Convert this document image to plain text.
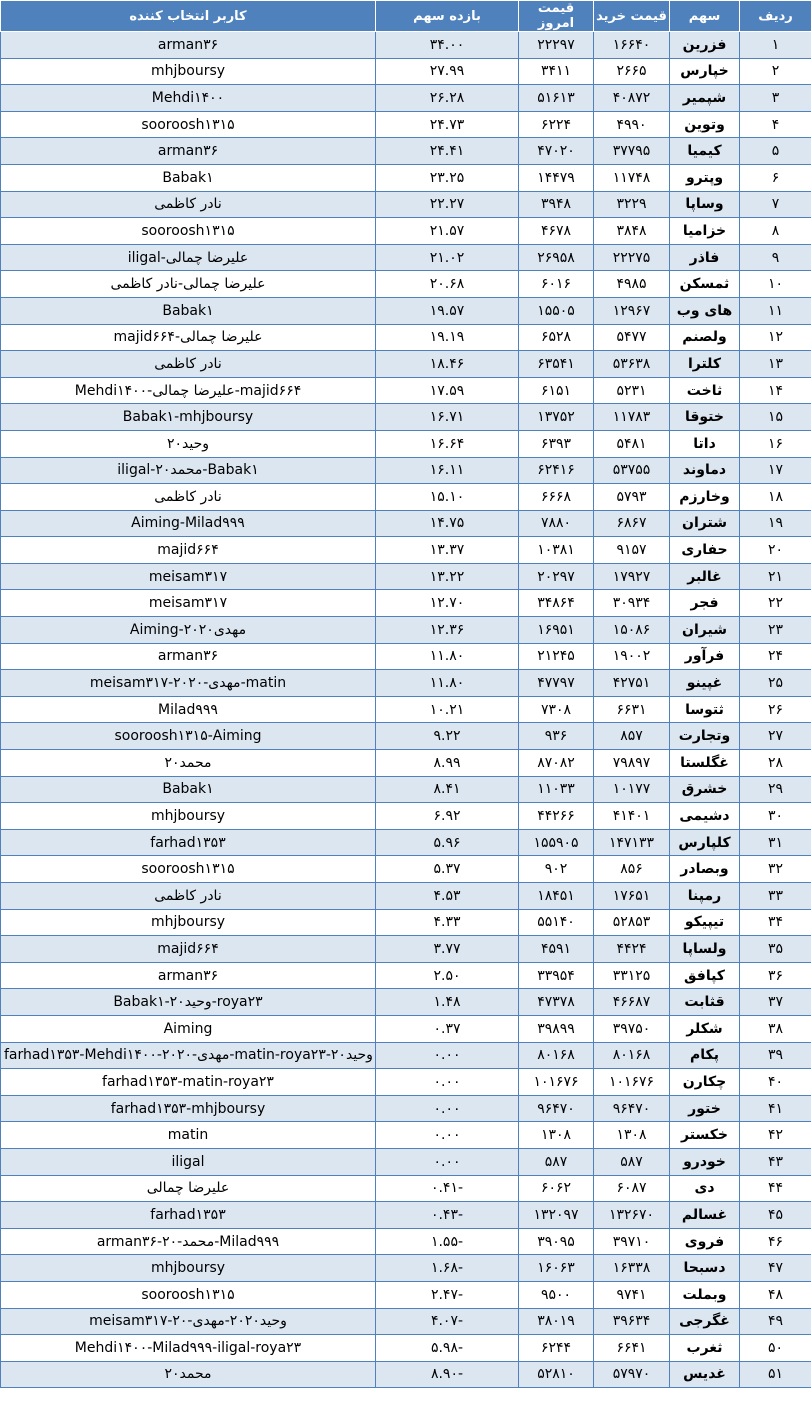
ردیف	سهم	قیمت خرید	قیمت امروز	بازده سهم	کاربر انتخاب کننده
۱	فزرین	۱۶۶۴۰	۲۲۲۹۷	۳۴.۰۰	arman۳۶
۲	خپارس	۲۶۶۵	۳۴۱۱	۲۷.۹۹	mhjboursy
۳	شپمیر	۴۰۸۷۲	۵۱۶۱۳	۲۶.۲۸	Mehdi۱۴۰۰
۴	وتوین	۴۹۹۰	۶۲۲۴	۲۴.۷۳	sooroosh۱۳۱۵
۵	کیمیا	۳۷۷۹۵	۴۷۰۲۰	۲۴.۴۱	arman۳۶
۶	وپترو	۱۱۷۴۸	۱۴۴۷۹	۲۳.۲۵	Babak۱
۷	وساپا	۳۲۲۹	۳۹۴۸	۲۲.۲۷	نادر کاظمی
۸	خزامیا	۳۸۴۸	۴۶۷۸	۲۱.۵۷	sooroosh۱۳۱۵
۹	فاذر	۲۲۲۷۵	۲۶۹۵۸	۲۱.۰۲	iligal-علیرضا چمالی
۱۰	ثمسکن	۴۹۸۵	۶۰۱۶	۲۰.۶۸	علیرضا چمالی-نادر کاظمی
۱۱	های وب	۱۲۹۶۷	۱۵۵۰۵	۱۹.۵۷	Babak۱
۱۲	ولصنم	۵۴۷۷	۶۵۲۸	۱۹.۱۹	majid۶۶۴-علیرضا چمالی
۱۳	کلترا	۵۳۶۳۸	۶۳۵۴۱	۱۸.۴۶	نادر کاظمی
۱۴	ثاخت	۵۲۳۱	۶۱۵۱	۱۷.۵۹	Mehdi۱۴۰۰-علیرضا چمالی-majid۶۶۴
۱۵	ختوقا	۱۱۷۸۳	۱۳۷۵۲	۱۶.۷۱	Babak۱-mhjboursy
۱۶	داتا	۵۴۸۱	۶۳۹۳	۱۶.۶۴	وحید۲۰
۱۷	دماوند	۵۳۷۵۵	۶۲۴۱۶	۱۶.۱۱	iligal-محمد۲۰-Babak۱
۱۸	وخارزم	۵۷۹۳	۶۶۶۸	۱۵.۱۰	نادر کاظمی
۱۹	شتران	۶۸۶۷	۷۸۸۰	۱۴.۷۵	Aiming-Milad۹۹۹
۲۰	حفاری	۹۱۵۷	۱۰۳۸۱	۱۳.۳۷	majid۶۶۴
۲۱	غالبر	۱۷۹۲۷	۲۰۲۹۷	۱۳.۲۲	meisam۳۱۷
۲۲	فجر	۳۰۹۳۴	۳۴۸۶۴	۱۲.۷۰	meisam۳۱۷
۲۳	شیران	۱۵۰۸۶	۱۶۹۵۱	۱۲.۳۶	Aiming-مهدی۲۰۲۰
۲۴	فرآور	۱۹۰۰۲	۲۱۲۴۵	۱۱.۸۰	arman۳۶
۲۵	غپینو	۴۲۷۵۱	۴۷۷۹۷	۱۱.۸۰	meisam۳۱۷-۲۰۲۰-مهدی-matin
۲۶	ثتوسا	۶۶۳۱	۷۳۰۸	۱۰.۲۱	Milad۹۹۹
۲۷	وتجارت	۸۵۷	۹۳۶	۹.۲۲	sooroosh۱۳۱۵-Aiming
۲۸	غگلستا	۷۹۸۹۷	۸۷۰۸۲	۸.۹۹	محمد۲۰
۲۹	خشرق	۱۰۱۷۷	۱۱۰۳۳	۸.۴۱	Babak۱
۳۰	دشیمی	۴۱۴۰۱	۴۴۲۶۶	۶.۹۲	mhjboursy
۳۱	کلپارس	۱۴۷۱۳۳	۱۵۵۹۰۵	۵.۹۶	farhad۱۳۵۳
۳۲	وبصادر	۸۵۶	۹۰۲	۵.۳۷	sooroosh۱۳۱۵
۳۳	رمپنا	۱۷۶۵۱	۱۸۴۵۱	۴.۵۳	نادر کاظمی
۳۴	تیپیکو	۵۲۸۵۳	۵۵۱۴۰	۴.۳۳	mhjboursy
۳۵	ولساپا	۴۴۲۴	۴۵۹۱	۳.۷۷	majid۶۶۴
۳۶	کپافق	۳۳۱۲۵	۳۳۹۵۴	۲.۵۰	arman۳۶
۳۷	قثابت	۴۶۶۸۷	۴۷۳۷۸	۱.۴۸	Babak۱-وحید۲۰-roya۲۳
۳۸	شکلر	۳۹۷۵۰	۳۹۸۹۹	۰.۳۷	Aiming
۳۹	پکام	۸۰۱۶۸	۸۰۱۶۸	۰.۰۰	farhad۱۳۵۳-Mehdi۱۴۰۰-۲۰۲۰-مهدی-matin-roya۲۳-وحید۲۰
۴۰	چکارن	۱۰۱۶۷۶	۱۰۱۶۷۶	۰.۰۰	farhad۱۳۵۳-matin-roya۲۳
۴۱	ختور	۹۶۴۷۰	۹۶۴۷۰	۰.۰۰	farhad۱۳۵۳-mhjboursy
۴۲	خکستر	۱۳۰۸	۱۳۰۸	۰.۰۰	matin
۴۳	خودرو	۵۸۷	۵۸۷	۰.۰۰	iligal
۴۴	دی	۶۰۸۷	۶۰۶۲	-۰.۴۱	علیرضا چمالی
۴۵	غسالم	۱۳۲۶۷۰	۱۳۲۰۹۷	-۰.۴۳	farhad۱۳۵۳
۴۶	فروی	۳۹۷۱۰	۳۹۰۹۵	-۱.۵۵	arman۳۶-۲۰-محمد-Milad۹۹۹
۴۷	دسبحا	۱۶۳۳۸	۱۶۰۶۳	-۱.۶۸	mhjboursy
۴۸	وبملت	۹۷۴۱	۹۵۰۰	-۲.۴۷	sooroosh۱۳۱۵
۴۹	غگرجی	۳۹۶۳۴	۳۸۰۱۹	-۴.۰۷	meisam۳۱۷-۲۰-وحید۲۰۲۰-مهدی
۵۰	ثغرب	۶۶۴۱	۶۲۴۴	-۵.۹۸	Mehdi۱۴۰۰-Milad۹۹۹-iligal-roya۲۳
۵۱	غدیس	۵۷۹۷۰	۵۲۸۱۰	-۸.۹۰	محمد۲۰
